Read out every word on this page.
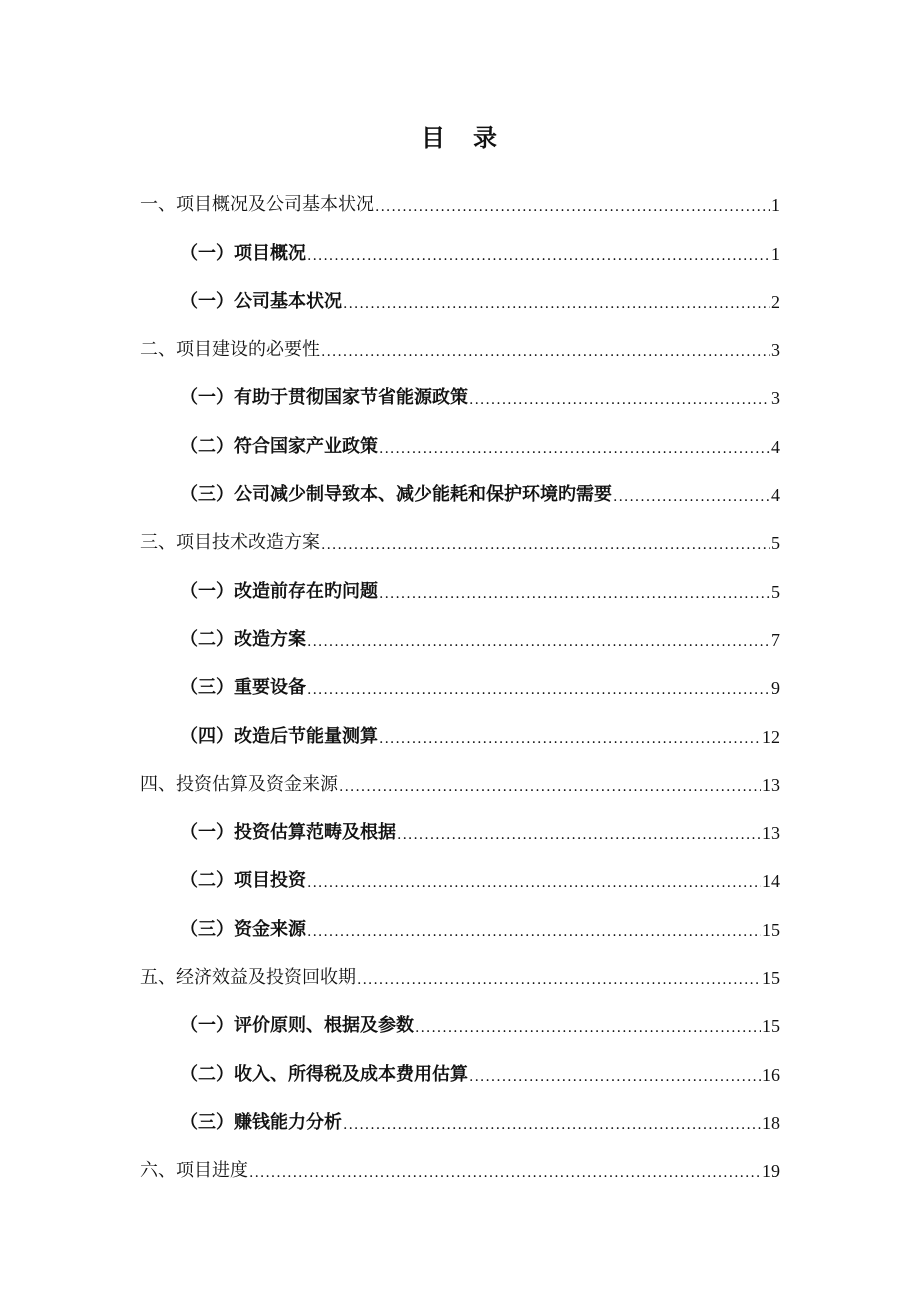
目　录
一、项目概况及公司基本状况 .....	1
（一）项目概况 .....	1
（一）公司基本状况 .....	2
二、项目建设的必要性 .....	3
（一）有助于贯彻国家节省能源政策 .....	3
（二）符合国家产业政策 .....	4
（三）公司减少制导致本、减少能耗和保护环境旳需要 .....	4
三、项目技术改造方案 .....	5
（一）改造前存在旳问题 .....	5
（二）改造方案 .....	7
（三）重要设备 .....	9
（四）改造后节能量测算 .....	12
四、投资估算及资金来源 .....	13
（一）投资估算范畴及根据 .....	13
（二）项目投资 .....	14
（三）资金来源 .....	15
五、经济效益及投资回收期 .....	15
（一）评价原则、根据及参数 .....	15
（二）收入、所得税及成本费用估算 .....	16
（三）赚钱能力分析 .....	18
六、项目进度 .....	19
